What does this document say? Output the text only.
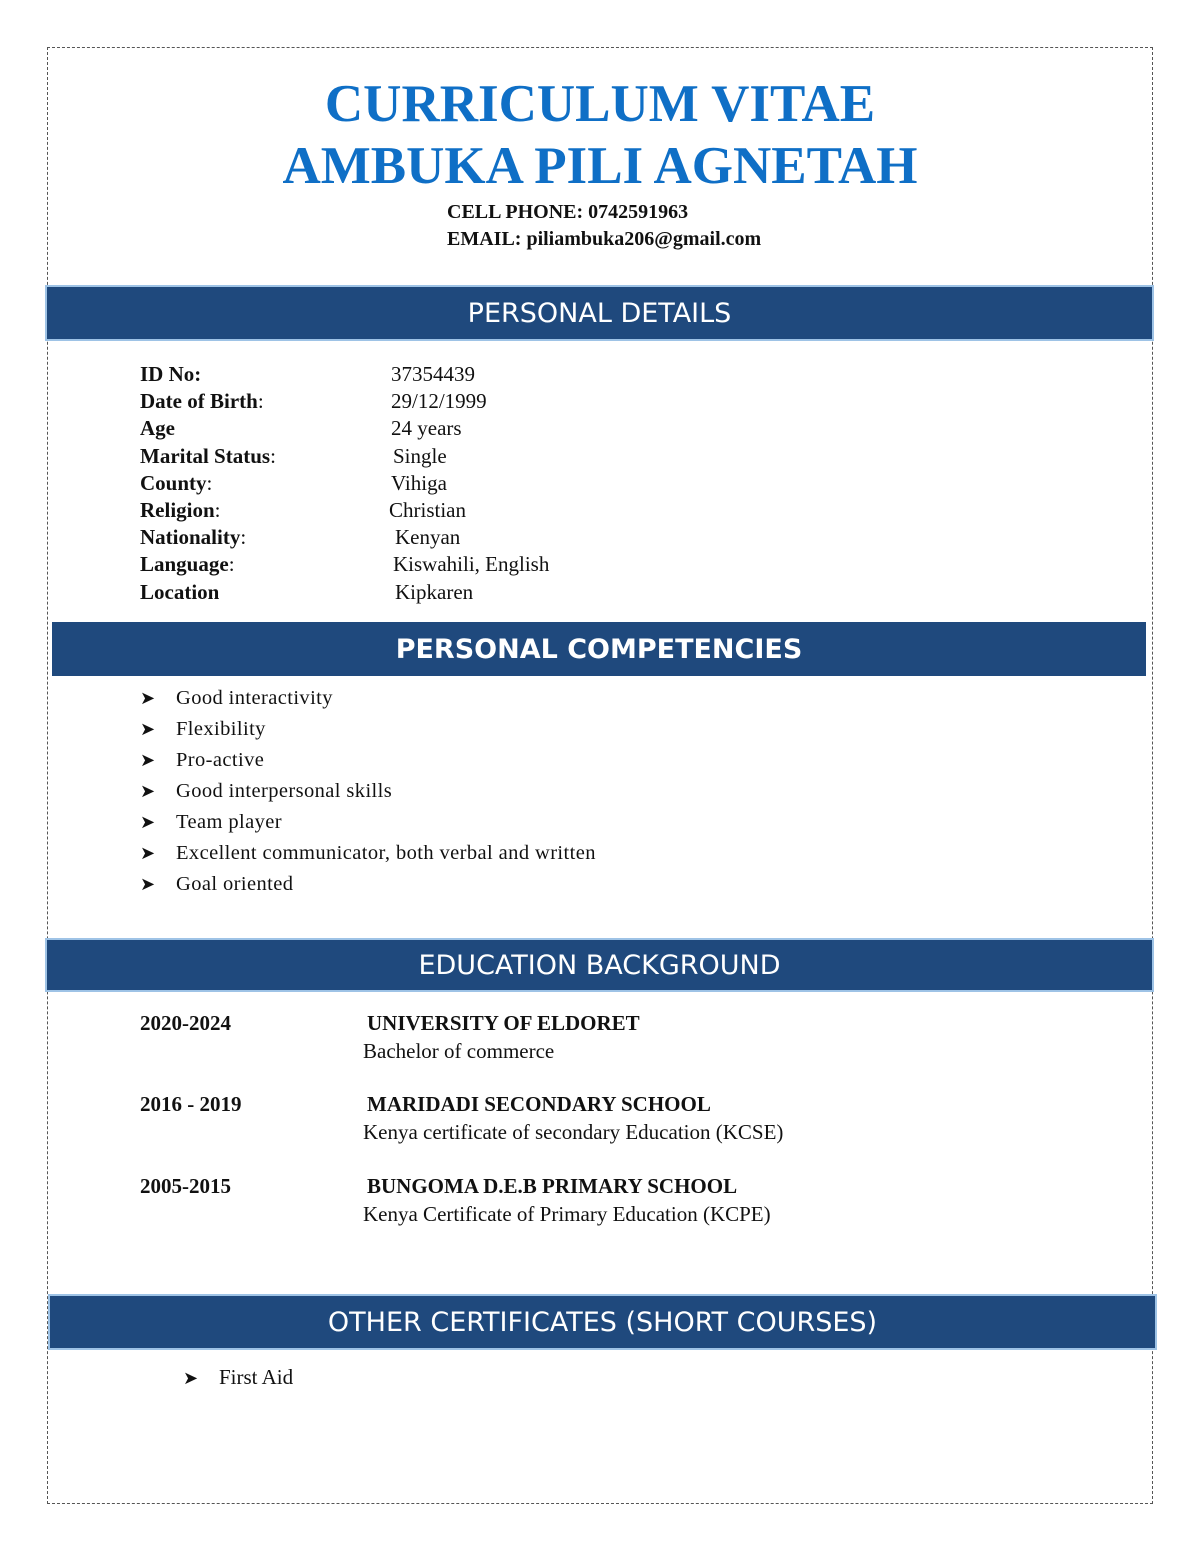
CURRICULUM VITAE
AMBUKA PILI AGNETAH
CELL PHONE: 0742591963
EMAIL: piliambuka206@gmail.com
PERSONAL DETAILS
ID No:	37354439
Date of Birth:	29/12/1999
Age	24 years
Marital Status:	Single
County:	Vihiga
Religion:	Christian
Nationality:	Kenyan
Language:	Kiswahili, English
Location	Kipkaren
PERSONAL COMPETENCIES
➤ Good interactivity
➤ Flexibility
➤ Pro-active
➤ Good interpersonal skills
➤ Team player
➤ Excellent communicator, both verbal and written
➤ Goal oriented
EDUCATION BACKGROUND
2020-2024	UNIVERSITY OF ELDORET
Bachelor of commerce
2016 - 2019	MARIDADI SECONDARY SCHOOL
Kenya certificate of secondary Education (KCSE)
2005-2015	BUNGOMA D.E.B PRIMARY SCHOOL
Kenya Certificate of Primary Education (KCPE)
OTHER CERTIFICATES (SHORT COURSES)
➤ First Aid
